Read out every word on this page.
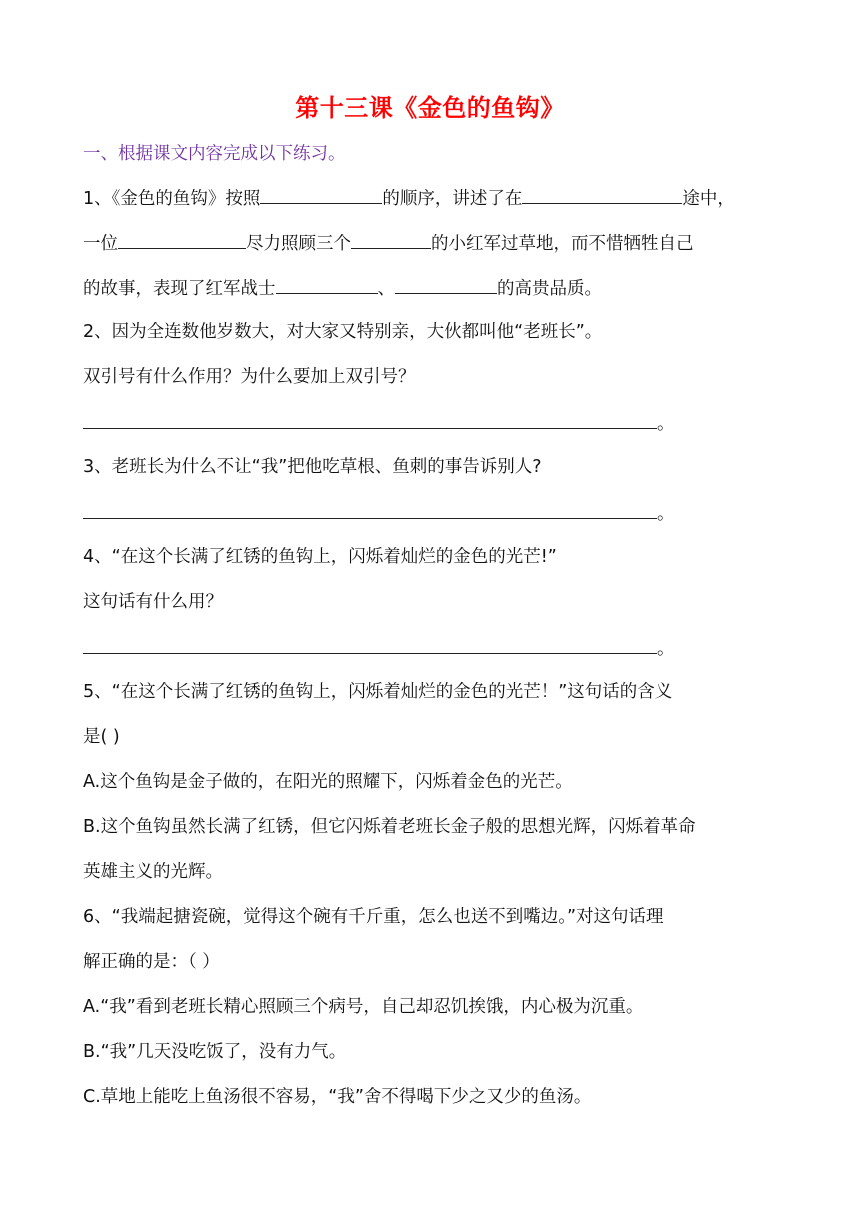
第十三课《金色的鱼钩》
一、根据课文内容完成以下练习。
1、《金色的鱼钩》按照	的顺序，讲述了在	途中，
一位	尽力照顾三个	的小红军过草地，而不惜牺牲自己
的故事，表现了红军战士	、	的高贵品质。
2、因为全连数他岁数大，对大家又特别亲，大伙都叫他“老班长”。
双引号有什么作用？为什么要加上双引号？
。
3、老班长为什么不让“我”把他吃草根、鱼刺的事告诉别人?
。
4、“在这个长满了红锈的鱼钩上，闪烁着灿烂的金色的光芒!”
这句话有什么用？
。
5、“在这个长满了红锈的鱼钩上，闪烁着灿烂的金色的光芒！”这句话的含义
是( )
A.这个鱼钩是金子做的，在阳光的照耀下，闪烁着金色的光芒。
B.这个鱼钩虽然长满了红锈，但它闪烁着老班长金子般的思想光辉，闪烁着革命
英雄主义的光辉。
6、“我端起搪瓷碗，觉得这个碗有千斤重，怎么也送不到嘴边。”对这句话理
解正确的是：（ ）
A.“我”看到老班长精心照顾三个病号，自己却忍饥挨饿，内心极为沉重。
B.“我”几天没吃饭了，没有力气。
C.草地上能吃上鱼汤很不容易，“我”舍不得喝下少之又少的鱼汤。
